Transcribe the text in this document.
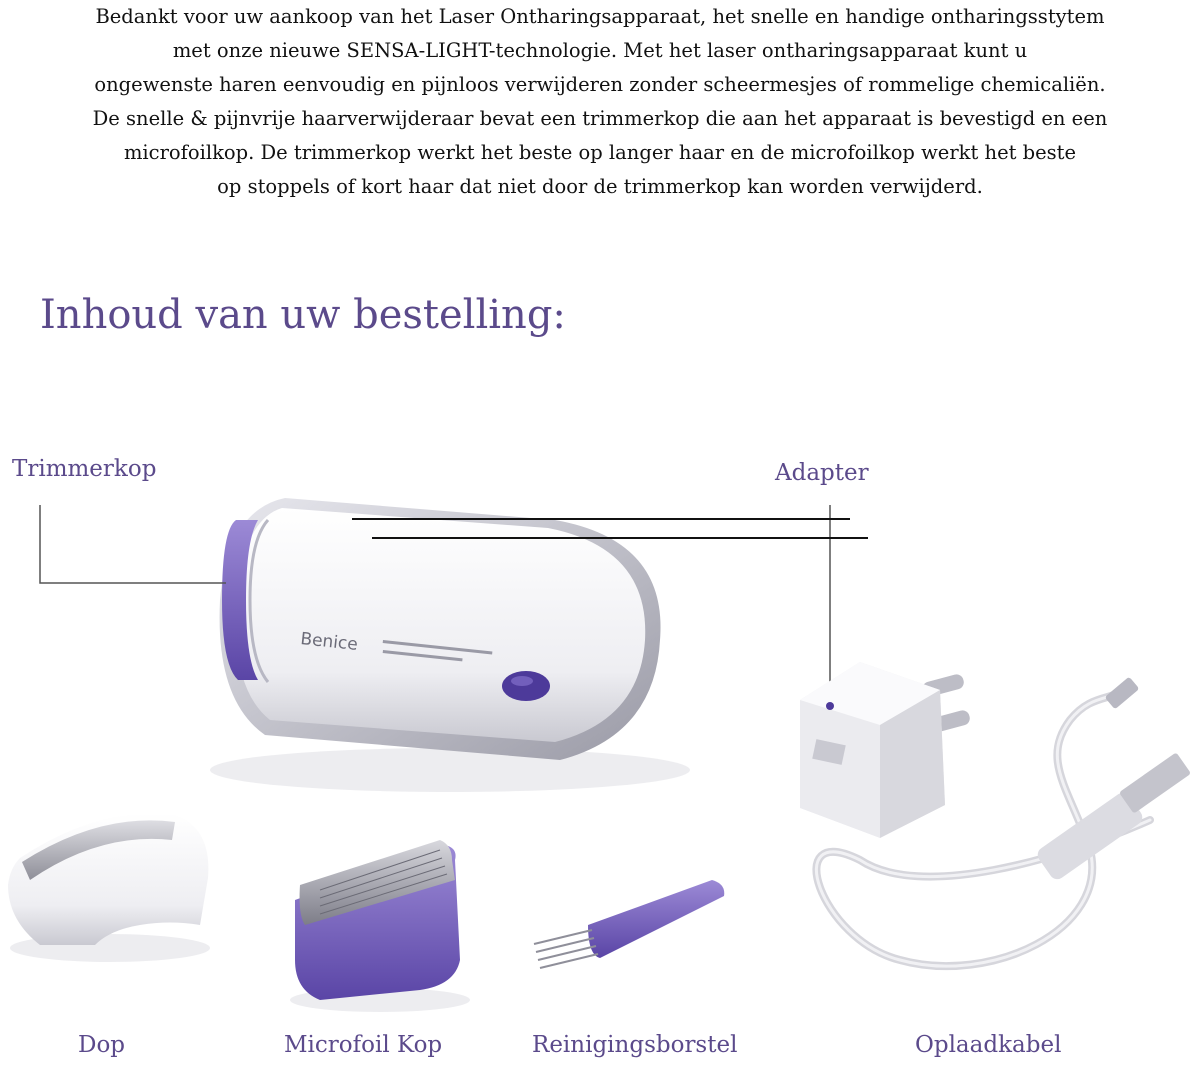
Bedankt voor uw aankoop van het Laser Ontharingsapparaat, het snelle en handige ontharingsstytem
met onze nieuwe SENSA-LIGHT-technologie. Met het laser ontharingsapparaat kunt u
ongewenste haren eenvoudig en pijnloos verwijderen zonder scheermesjes of rommelige chemicaliën.
De snelle & pijnvrije haarverwijderaar bevat een trimmerkop die aan het apparaat is bevestigd en een
microfoilkop. De trimmerkop werkt het beste op langer haar en de microfoilkop werkt het beste
op stoppels of kort haar dat niet door de trimmerkop kan worden verwijderd.
Inhoud van uw bestelling:
Benice
Trimmerkop	Adapter
Dop	Microfoil Kop	Reinigingsborstel	Oplaadkabel
